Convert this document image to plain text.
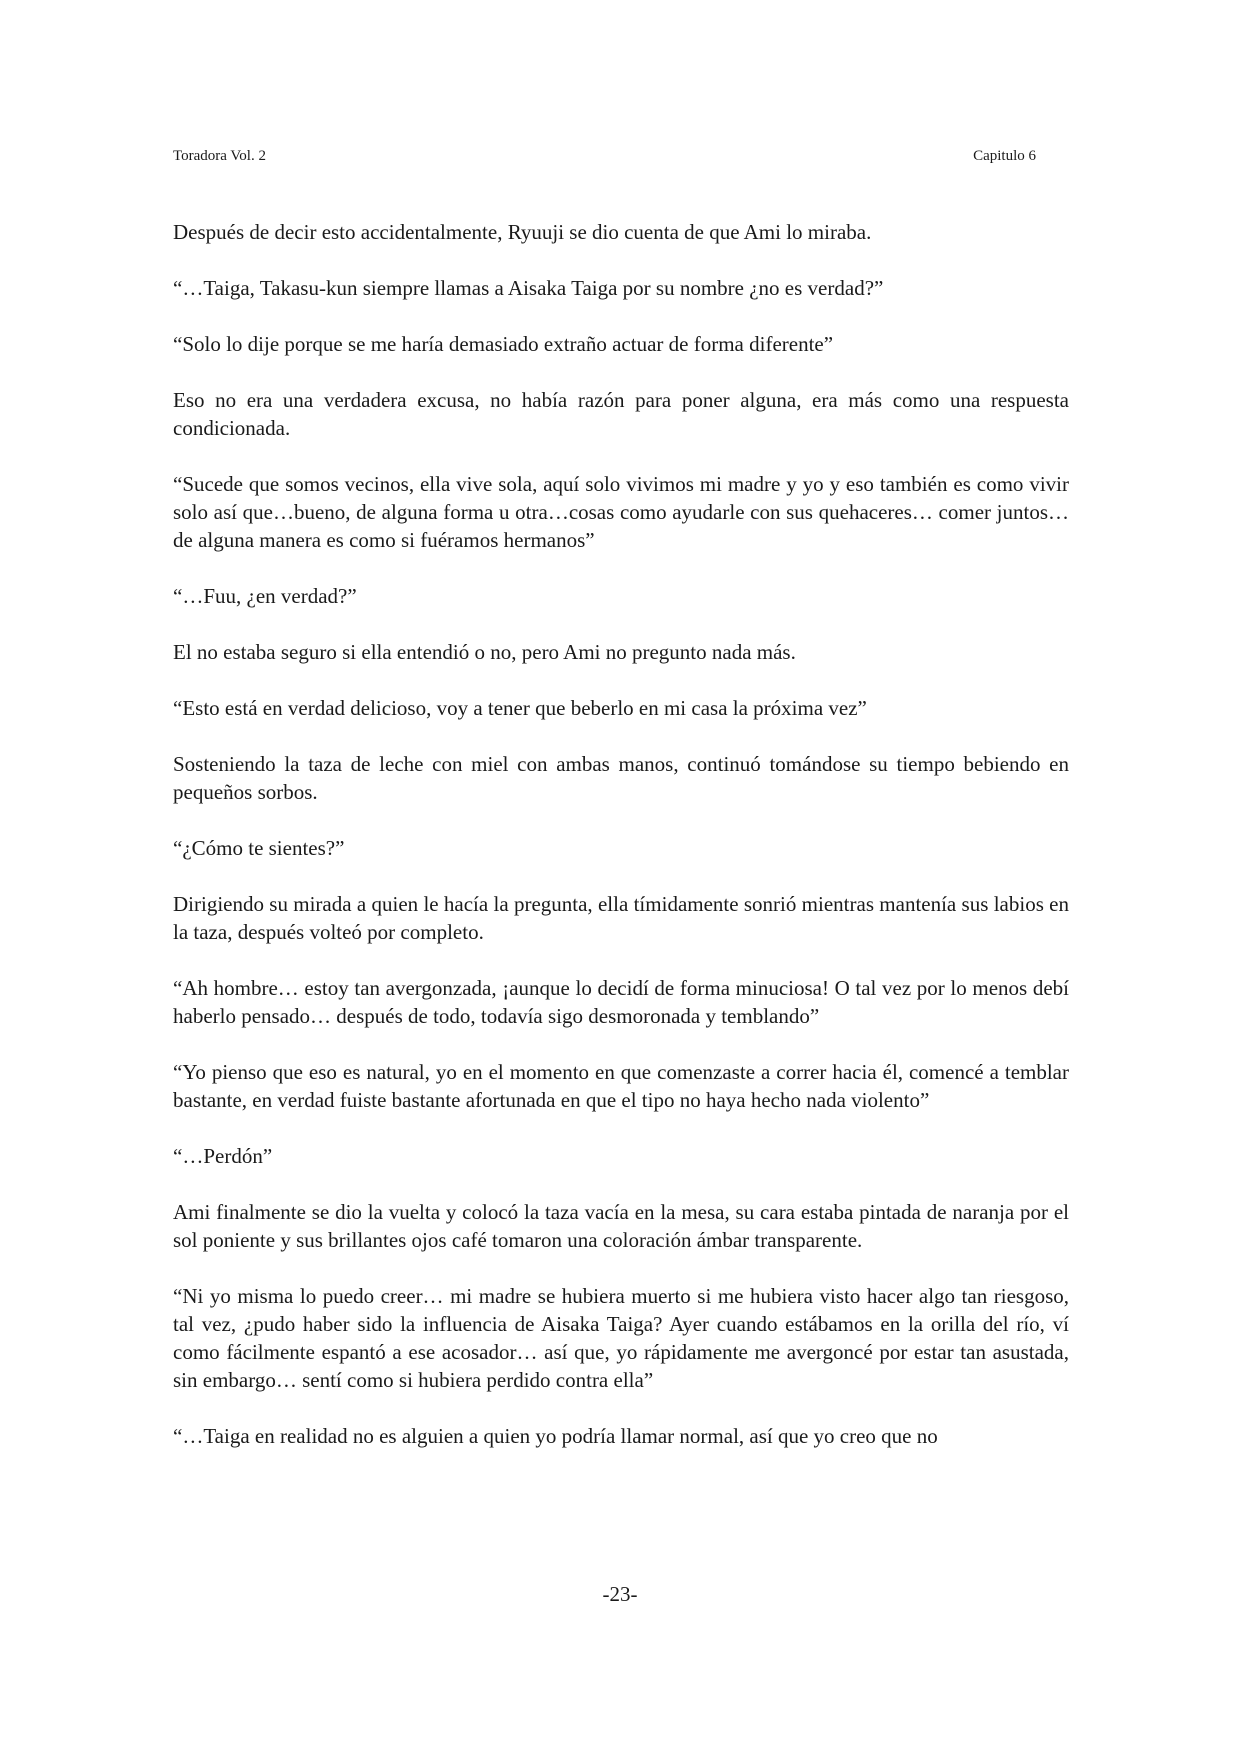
Toradora Vol. 2	Capitulo 6

Después de decir esto accidentalmente, Ryuuji se dio cuenta de que Ami lo miraba.

“…Taiga, Takasu-kun siempre llamas a Aisaka Taiga por su nombre ¿no es verdad?”

“Solo lo dije porque se me haría demasiado extraño actuar de forma diferente”

Eso no era una verdadera excusa, no había razón para poner alguna, era más como una respuesta condicionada.

“Sucede que somos vecinos, ella vive sola, aquí solo vivimos mi madre y yo y eso también es como vivir solo así que…bueno, de alguna forma u otra…cosas como ayudarle con sus quehaceres… comer juntos… de alguna manera es como si fuéramos hermanos”

“…Fuu, ¿en verdad?”

El no estaba seguro si ella entendió o no, pero Ami no pregunto nada más.

“Esto está en verdad delicioso, voy a tener que beberlo en mi casa la próxima vez”

Sosteniendo la taza de leche con miel con ambas manos, continuó tomándose su tiempo bebiendo en pequeños sorbos.

“¿Cómo te sientes?”

Dirigiendo su mirada a quien le hacía la pregunta, ella tímidamente sonrió mientras mantenía sus labios en la taza, después volteó por completo.

“Ah hombre… estoy tan avergonzada, ¡aunque lo decidí de forma minuciosa! O tal vez por lo menos debí haberlo pensado… después de todo, todavía sigo desmoronada y temblando”

“Yo pienso que eso es natural, yo en el momento en que comenzaste a correr hacia él, comencé a temblar bastante, en verdad fuiste bastante afortunada en que el tipo no haya hecho nada violento”

“…Perdón”

Ami finalmente se dio la vuelta y colocó la taza vacía en la mesa, su cara estaba pintada de naranja por el sol poniente y sus brillantes ojos café tomaron una coloración ámbar transparente.

“Ni yo misma lo puedo creer… mi madre se hubiera muerto si me hubiera visto hacer algo tan riesgoso, tal vez, ¿pudo haber sido la influencia de Aisaka Taiga? Ayer cuando estábamos en la orilla del río, ví como fácilmente espantó a ese acosador… así que, yo rápidamente me avergoncé por estar tan asustada, sin embargo… sentí como si hubiera perdido contra ella”

“…Taiga en realidad no es alguien a quien yo podría llamar normal, así que yo creo que no

-23-
